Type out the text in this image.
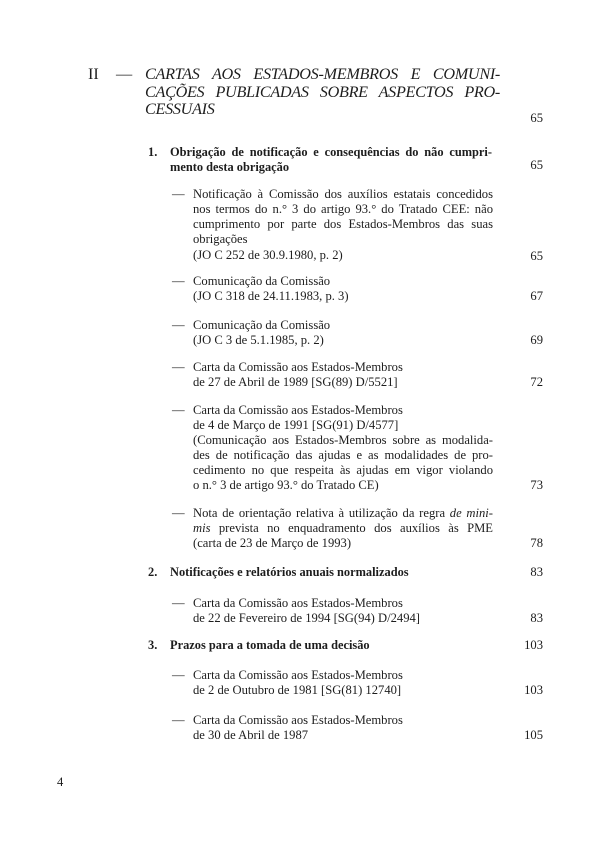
II — CARTAS AOS ESTADOS-MEMBROS E COMUNI-
CAÇÕES PUBLICADAS SOBRE ASPECTOS PRO-
CESSUAIS	65
1. Obrigação de notificação e consequências do não cumpri-
mento desta obrigação	65
— Notificação à Comissão dos auxílios estatais concedidos
nos termos do n.° 3 do artigo 93.° do Tratado CEE: não
cumprimento por parte dos Estados-Membros das suas
obrigações
(JO C 252 de 30.9.1980, p. 2)	65
— Comunicação da Comissão
(JO C 318 de 24.11.1983, p. 3)	67
— Comunicação da Comissão
(JO C 3 de 5.1.1985, p. 2)	69
— Carta da Comissão aos Estados-Membros
de 27 de Abril de 1989 [SG(89) D/5521]	72
— Carta da Comissão aos Estados-Membros
de 4 de Março de 1991 [SG(91) D/4577]
(Comunicação aos Estados-Membros sobre as modalida-
des de notificação das ajudas e as modalidades de pro-
cedimento no que respeita às ajudas em vigor violando
o n.° 3 de artigo 93.° do Tratado CE)	73
— Nota de orientação relativa à utilização da regra de mini-
mis prevista no enquadramento dos auxílios às PME
(carta de 23 de Março de 1993)	78
2. Notificações e relatórios anuais normalizados	83
— Carta da Comissão aos Estados-Membros
de 22 de Fevereiro de 1994 [SG(94) D/2494]	83
3. Prazos para a tomada de uma decisão	103
— Carta da Comissão aos Estados-Membros
de 2 de Outubro de 1981 [SG(81) 12740]	103
— Carta da Comissão aos Estados-Membros
de 30 de Abril de 1987	105
4
